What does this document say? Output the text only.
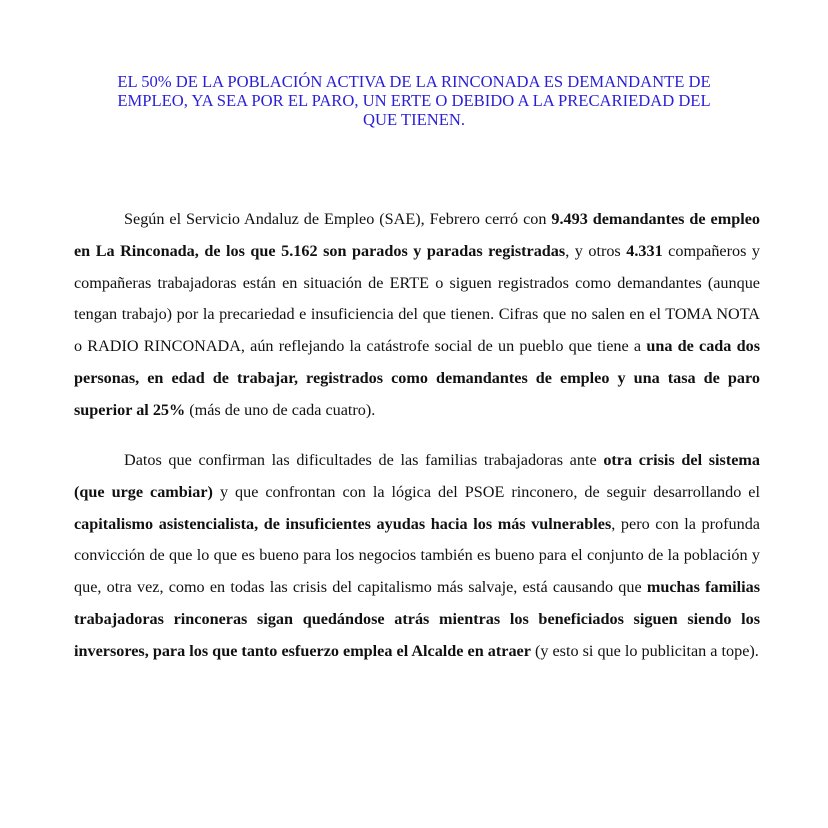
EL 50% DE LA POBLACIÓN ACTIVA DE LA RINCONADA ES DEMANDANTE DE
EMPLEO, YA SEA POR EL PARO, UN ERTE O DEBIDO A LA PRECARIEDAD DEL
QUE TIENEN.

Según el Servicio Andaluz de Empleo (SAE), Febrero cerró con 9.493 demandantes de empleo en La Rinconada, de los que 5.162 son parados y paradas registradas, y otros 4.331 compañeros y compañeras trabajadoras están en situación de ERTE o siguen registrados como demandantes (aunque tengan trabajo) por la precariedad e insuficiencia del que tienen. Cifras que no salen en el TOMA NOTA o RADIO RINCONADA, aún reflejando la catástrofe social de un pueblo que tiene a una de cada dos personas, en edad de trabajar, registrados como demandantes de empleo y una tasa de paro superior al 25% (más de uno de cada cuatro).

Datos que confirman las dificultades de las familias trabajadoras ante otra crisis del sistema (que urge cambiar) y que confrontan con la lógica del PSOE rinconero, de seguir desarrollando el capitalismo asistencialista, de insuficientes ayudas hacia los más vulnerables, pero con la profunda convicción de que lo que es bueno para los negocios también es bueno para el conjunto de la población y que, otra vez, como en todas las crisis del capitalismo más salvaje, está causando que muchas familias trabajadoras rinconeras sigan quedándose atrás mientras los beneficiados siguen siendo los inversores, para los que tanto esfuerzo emplea el Alcalde en atraer (y esto si que lo publicitan a tope).
